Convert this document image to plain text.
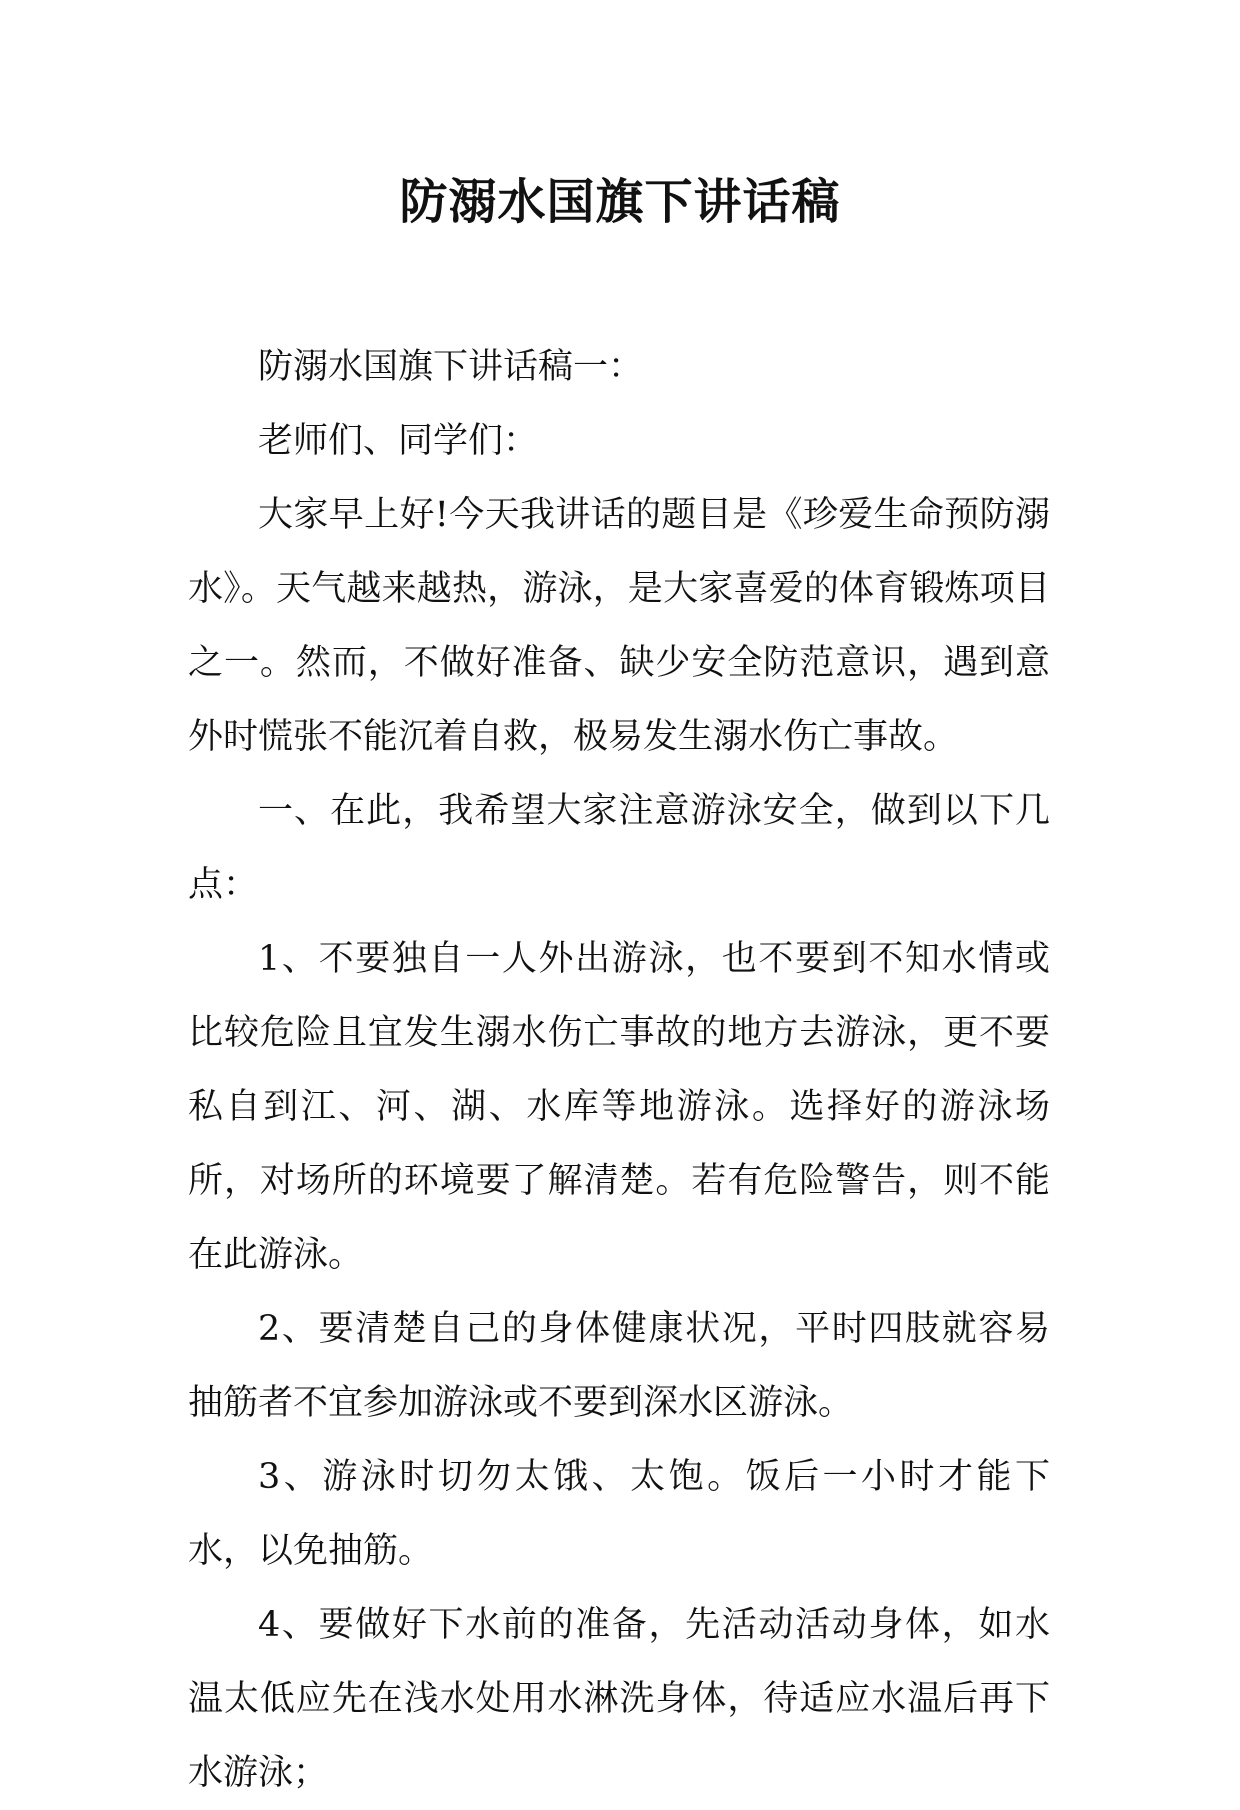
防溺水国旗下讲话稿

防溺水国旗下讲话稿一：

老师们、同学们：

大家早上好!今天我讲话的题目是《珍爱生命预防溺水》。天气越来越热，游泳，是大家喜爱的体育锻炼项目之一。然而，不做好准备、缺少安全防范意识，遇到意外时慌张不能沉着自救，极易发生溺水伤亡事故。

一、在此，我希望大家注意游泳安全，做到以下几点：

1、不要独自一人外出游泳，也不要到不知水情或比较危险且宜发生溺水伤亡事故的地方去游泳，更不要私自到江、河、湖、水库等地游泳。选择好的游泳场所，对场所的环境要了解清楚。若有危险警告，则不能在此游泳。

2、要清楚自己的身体健康状况，平时四肢就容易抽筋者不宜参加游泳或不要到深水区游泳。

3、游泳时切勿太饿、太饱。饭后一小时才能下水，以免抽筋。

4、要做好下水前的准备，先活动活动身体，如水温太低应先在浅水处用水淋洗身体，待适应水温后再下水游泳；
